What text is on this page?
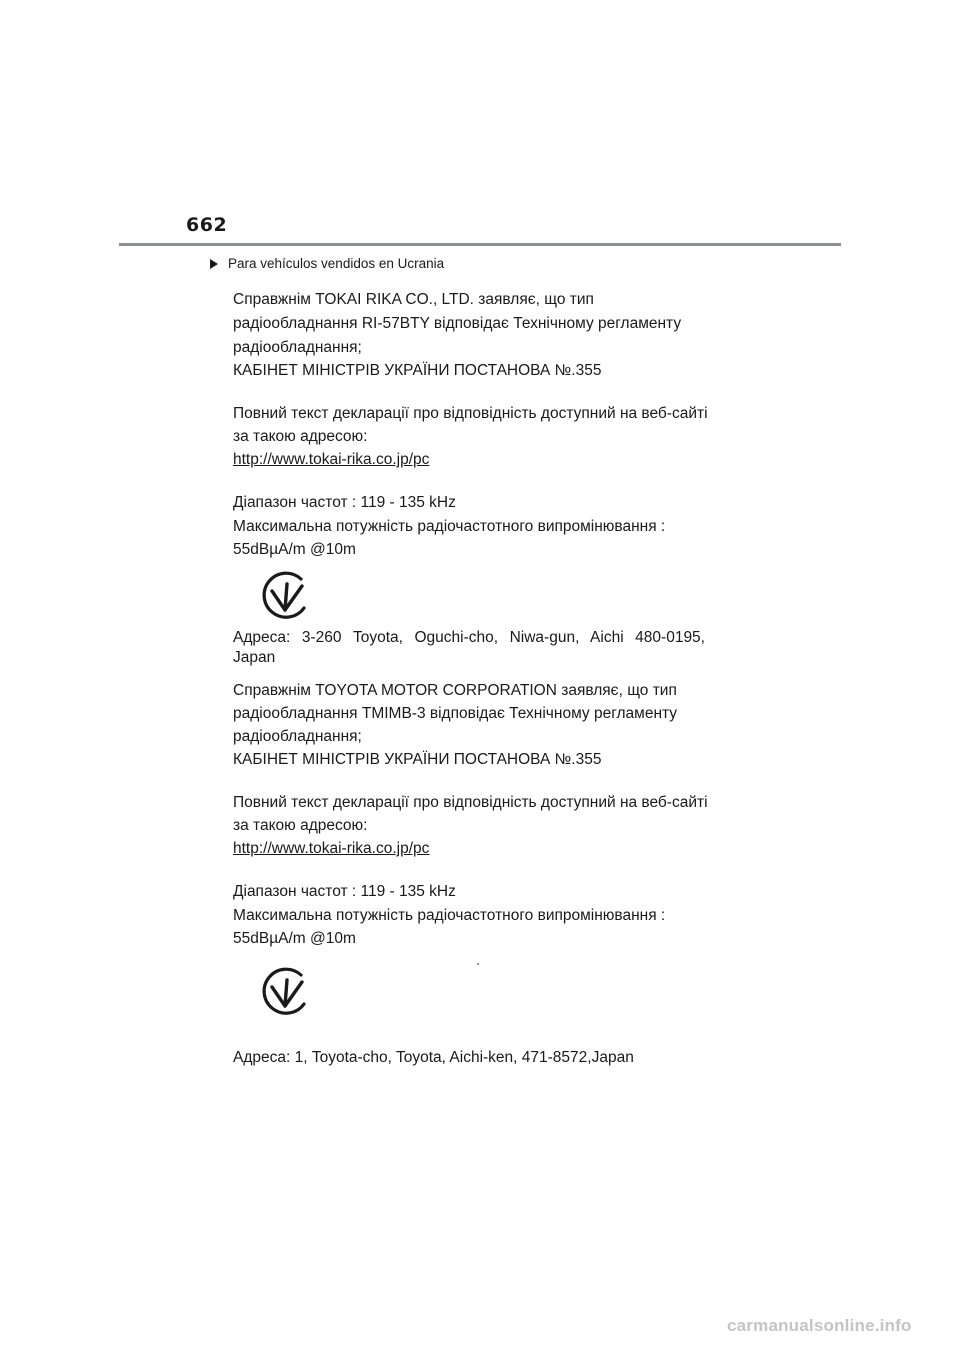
662
Para vehículos vendidos en Ucrania
Справжнім TOKAI RIKA CO., LTD. заявляє, що тип
радіообладнання RI-57BTY відповідає Технічному регламенту
радіообладнання;
КАБІНЕТ МІНІСТРІВ УКРАЇНИ ПОСТАНОВА №.355
Повний текст декларації про відповідність доступний на веб-сайті
за такою адресою:
http://www.tokai-rika.co.jp/pc
Діапазон частот : 119 - 135 kHz
Максимальна потужність радіочастотного випромінювання :
55dBµA/m @10m
Адреса: 3-260 Toyota, Oguchi-cho, Niwa-gun, Aichi 480-0195,
Japan
Справжнім TOYOTA MOTOR CORPORATION заявляє, що тип
радіообладнання TMIMB-3 відповідає Технічному регламенту
радіообладнання;
КАБІНЕТ МІНІСТРІВ УКРАЇНИ ПОСТАНОВА №.355
Повний текст декларації про відповідність доступний на веб-сайті
за такою адресою:
http://www.tokai-rika.co.jp/pc
Діапазон частот : 119 - 135 kHz
Максимальна потужність радіочастотного випромінювання :
55dBµA/m @10m
Адреса: 1, Toyota-cho, Toyota, Aichi-ken, 471-8572,Japan
carmanualsonline.info
